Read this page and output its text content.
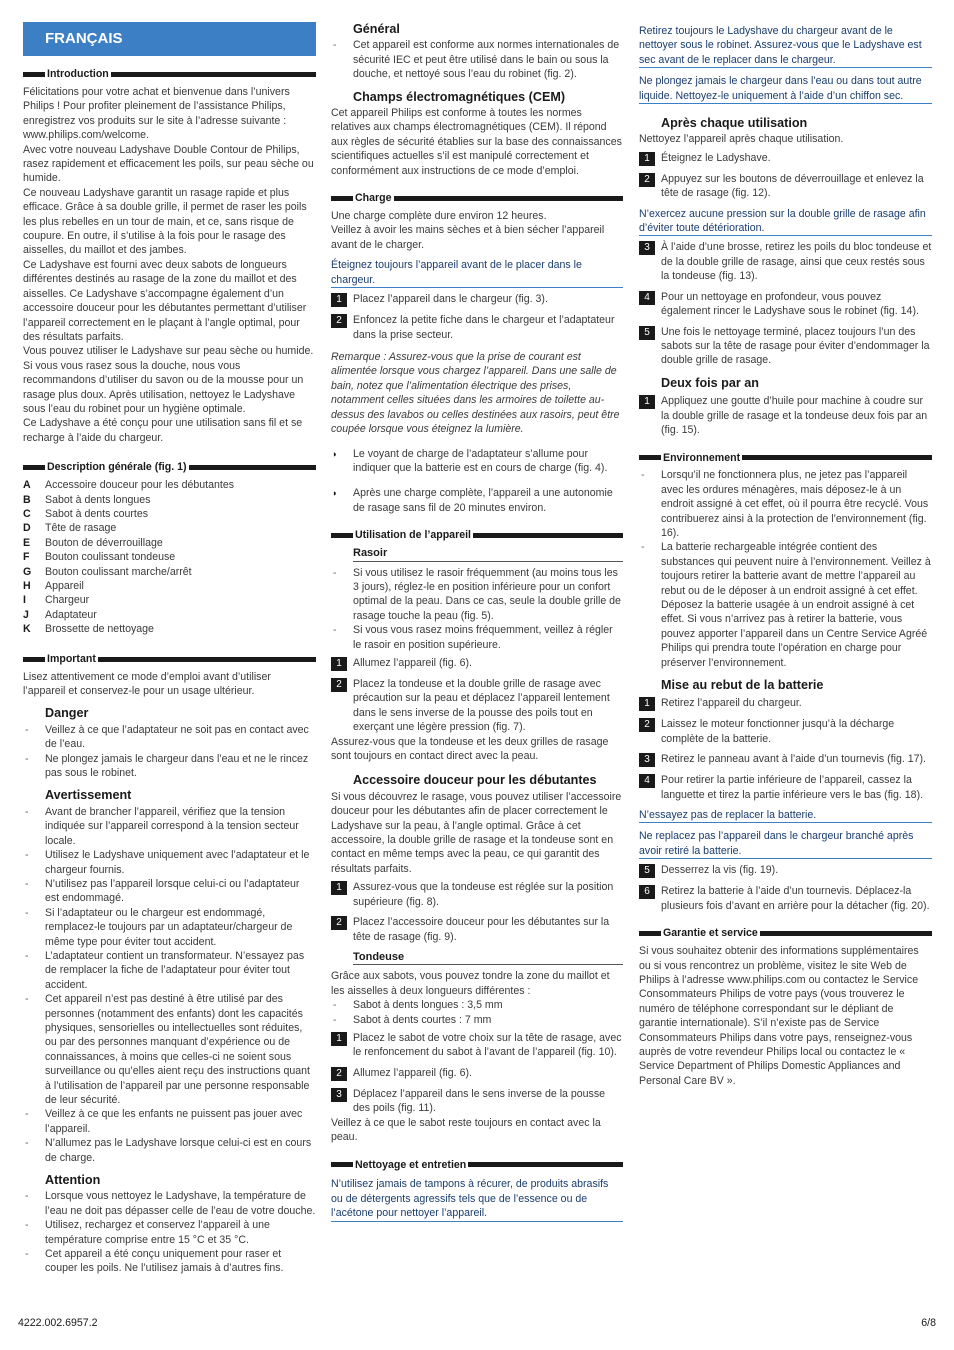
FRANÇAIS
Introduction

Félicitations pour votre achat et bienvenue dans l’univers Philips ! Pour profiter pleinement de l’assistance Philips, enregistrez vos produits sur le site à l’adresse suivante : www.philips.com/welcome.

Avec votre nouveau Ladyshave Double Contour de Philips, rasez rapidement et efficacement les poils, sur peau sèche ou humide.

Ce nouveau Ladyshave garantit un rasage rapide et plus efficace. Grâce à sa double grille, il permet de raser les poils les plus rebelles en un tour de main, et ce, sans risque de coupure. En outre, il s’utilise à la fois pour le rasage des aisselles, du maillot et des jambes.

Ce Ladyshave est fourni avec deux sabots de longueurs différentes destinés au rasage de la zone du maillot et des aisselles. Ce Ladyshave s’accompagne également d’un accessoire douceur pour les débutantes permettant d’utiliser l’appareil correctement en le plaçant à l’angle optimal, pour des résultats parfaits.

Vous pouvez utiliser le Ladyshave sur peau sèche ou humide. Si vous vous rasez sous la douche, nous vous recommandons d’utiliser du savon ou de la mousse pour un rasage plus doux. Après utilisation, nettoyez le Ladyshave sous l’eau du robinet pour un hygiène optimale.

Ce Ladyshave a été conçu pour une utilisation sans fil et se recharge à l’aide du chargeur.

Description générale (fig. 1)
A	Accessoire douceur pour les débutantes
B	Sabot à dents longues
C	Sabot à dents courtes
D	Tête de rasage
E	Bouton de déverrouillage
F	Bouton coulissant tondeuse
G	Bouton coulissant marche/arrêt
H	Appareil
I	Chargeur
J	Adaptateur
K	Brossette de nettoyage
Important

Lisez attentivement ce mode d’emploi avant d’utiliser l’appareil et conservez-le pour un usage ultérieur.

Danger

- Veillez à ce que l’adaptateur ne soit pas en contact avec de l’eau.

- Ne plongez jamais le chargeur dans l’eau et ne le rincez pas sous le robinet.

Avertissement

- Avant de brancher l’appareil, vérifiez que la tension indiquée sur l’appareil correspond à la tension secteur locale.

- Utilisez le Ladyshave uniquement avec l’adaptateur et le chargeur fournis.

- N’utilisez pas l’appareil lorsque celui-ci ou l’adaptateur est endommagé.

- Si l’adaptateur ou le chargeur est endommagé, remplacez-le toujours par un adaptateur/chargeur de même type pour éviter tout accident.

- L’adaptateur contient un transformateur. N’essayez pas de remplacer la fiche de l’adaptateur pour éviter tout accident.

- Cet appareil n’est pas destiné à être utilisé par des personnes (notamment des enfants) dont les capacités physiques, sensorielles ou intellectuelles sont réduites, ou par des personnes manquant d’expérience ou de connaissances, à moins que celles-ci ne soient sous surveillance ou qu’elles aient reçu des instructions quant à l’utilisation de l’appareil par une personne responsable de leur sécurité.

- Veillez à ce que les enfants ne puissent pas jouer avec l’appareil.

- N’allumez pas le Ladyshave lorsque celui-ci est en cours de charge.

Attention

- Lorsque vous nettoyez le Ladyshave, la température de l’eau ne doit pas dépasser celle de l’eau de votre douche.

- Utilisez, rechargez et conservez l’appareil à une température comprise entre 15 °C et 35 °C.

- Cet appareil a été conçu uniquement pour raser et couper les poils. Ne l’utilisez jamais à d’autres fins.

Général

- Cet appareil est conforme aux normes internationales de sécurité IEC et peut être utilisé dans le bain ou sous la douche, et nettoyé sous l’eau du robinet (fig. 2).

Champs électromagnétiques (CEM)

Cet appareil Philips est conforme à toutes les normes relatives aux champs électromagnétiques (CEM). Il répond aux règles de sécurité établies sur la base des connaissances scientifiques actuelles s’il est manipulé correctement et conformément aux instructions de ce mode d’emploi.

Charge

Une charge complète dure environ 12 heures.

Veillez à avoir les mains sèches et à bien sécher l’appareil avant de le charger.

Éteignez toujours l’appareil avant de le placer dans le chargeur.
1	Placez l’appareil dans le chargeur (fig. 3).
2	Enfoncez la petite fiche dans le chargeur et l’adaptateur dans la prise secteur.

Remarque : Assurez-vous que la prise de courant est alimentée lorsque vous chargez l’appareil. Dans une salle de bain, notez que l’alimentation électrique des prises, notamment celles situées dans les armoires de toilette au-dessus des lavabos ou celles destinées aux rasoirs, peut être coupée lorsque vous éteignez la lumière.

◗ Le voyant de charge de l’adaptateur s’allume pour indiquer que la batterie est en cours de charge (fig. 4).

◗ Après une charge complète, l’appareil a une autonomie de rasage sans fil de 20 minutes environ.

Utilisation de l’appareil
Rasoir

- Si vous utilisez le rasoir fréquemment (au moins tous les 3 jours), réglez-le en position inférieure pour un confort optimal de la peau. Dans ce cas, seule la double grille de rasage touche la peau (fig. 5).

- Si vous vous rasez moins fréquemment, veillez à régler le rasoir en position supérieure.

1	Allumez l’appareil (fig. 6).
2	Placez la tondeuse et la double grille de rasage avec précaution sur la peau et déplacez l’appareil lentement dans le sens inverse de la pousse des poils tout en exerçant une légère pression (fig. 7).

Assurez-vous que la tondeuse et les deux grilles de rasage sont toujours en contact direct avec la peau.

Accessoire douceur pour les débutantes

Si vous découvrez le rasage, vous pouvez utiliser l’accessoire douceur pour les débutantes afin de placer correctement le Ladyshave sur la peau, à l’angle optimal. Grâce à cet accessoire, la double grille de rasage et la tondeuse sont en contact en même temps avec la peau, ce qui garantit des résultats parfaits.

1	Assurez-vous que la tondeuse est réglée sur la position supérieure (fig. 8).
2	Placez l’accessoire douceur pour les débutantes sur la tête de rasage (fig. 9).
Tondeuse

Grâce aux sabots, vous pouvez tondre la zone du maillot et les aisselles à deux longueurs différentes :

- Sabot à dents longues : 3,5 mm

- Sabot à dents courtes : 7 mm

1	Placez le sabot de votre choix sur la tête de rasage, avec le renfoncement du sabot à l’avant de l’appareil (fig. 10).
2	Allumez l’appareil (fig. 6).
3	Déplacez l’appareil dans le sens inverse de la pousse des poils (fig. 11).

Veillez à ce que le sabot reste toujours en contact avec la peau.

Nettoyage et entretien
N’utilisez jamais de tampons à récurer, de produits abrasifs ou de détergents agressifs tels que de l’essence ou de l’acétone pour nettoyer l’appareil.
Retirez toujours le Ladyshave du chargeur avant de le nettoyer sous le robinet. Assurez-vous que le Ladyshave est sec avant de le replacer dans le chargeur.
Ne plongez jamais le chargeur dans l’eau ou dans tout autre liquide. Nettoyez-le uniquement à l’aide d’un chiffon sec.
Après chaque utilisation

Nettoyez l’appareil après chaque utilisation.

1	Éteignez le Ladyshave.
2	Appuyez sur les boutons de déverrouillage et enlevez la tête de rasage (fig. 12).
N’exercez aucune pression sur la double grille de rasage afin d’éviter toute détérioration.
3	À l’aide d’une brosse, retirez les poils du bloc tondeuse et de la double grille de rasage, ainsi que ceux restés sous la tondeuse (fig. 13).
4	Pour un nettoyage en profondeur, vous pouvez également rincer le Ladyshave sous le robinet (fig. 14).
5	Une fois le nettoyage terminé, placez toujours l’un des sabots sur la tête de rasage pour éviter d’endommager la double grille de rasage.
Deux fois par an
1	Appliquez une goutte d’huile pour machine à coudre sur la double grille de rasage et la tondeuse deux fois par an (fig. 15).
Environnement

- Lorsqu’il ne fonctionnera plus, ne jetez pas l’appareil avec les ordures ménagères, mais déposez-le à un endroit assigné à cet effet, où il pourra être recyclé. Vous contribuerez ainsi à la protection de l’environnement (fig. 16).

- La batterie rechargeable intégrée contient des substances qui peuvent nuire à l’environnement. Veillez à toujours retirer la batterie avant de mettre l’appareil au rebut ou de le déposer à un endroit assigné à cet effet. Déposez la batterie usagée à un endroit assigné à cet effet. Si vous n’arrivez pas à retirer la batterie, vous pouvez apporter l’appareil dans un Centre Service Agréé Philips qui prendra toute l’opération en charge pour préserver l’environnement.

Mise au rebut de la batterie
1	Retirez l’appareil du chargeur.
2	Laissez le moteur fonctionner jusqu’à la décharge complète de la batterie.
3	Retirez le panneau avant à l’aide d’un tournevis (fig. 17).
4	Pour retirer la partie inférieure de l’appareil, cassez la languette et tirez la partie inférieure vers le bas (fig. 18).
N’essayez pas de replacer la batterie.
Ne replacez pas l’appareil dans le chargeur branché après avoir retiré la batterie.
5	Desserrez la vis (fig. 19).
6	Retirez la batterie à l’aide d’un tournevis. Déplacez-la plusieurs fois d’avant en arrière pour la détacher (fig. 20).
Garantie et service

Si vous souhaitez obtenir des informations supplémentaires ou si vous rencontrez un problème, visitez le site Web de Philips à l’adresse www.philips.com ou contactez le Service Consommateurs Philips de votre pays (vous trouverez le numéro de téléphone correspondant sur le dépliant de garantie internationale). S’il n’existe pas de Service Consommateurs Philips dans votre pays, renseignez-vous auprès de votre revendeur Philips local ou contactez le « Service Department of Philips Domestic Appliances and Personal Care BV ».

4222.002.6957.2	6/8
